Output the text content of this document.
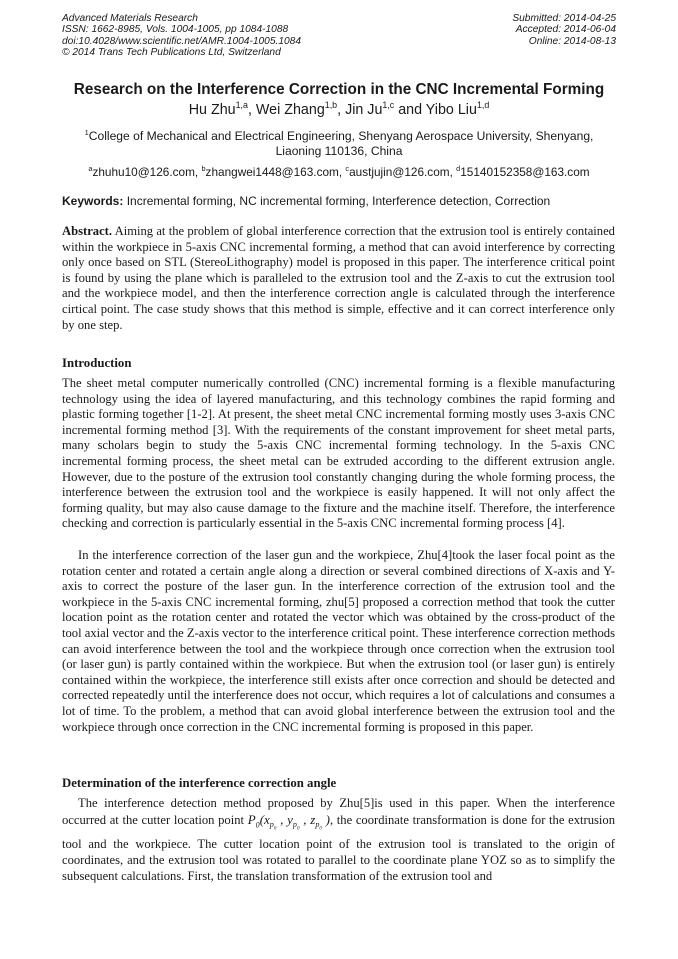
Advanced Materials Research
ISSN: 1662-8985, Vols. 1004-1005, pp 1084-1088
doi:10.4028/www.scientific.net/AMR.1004-1005.1084
© 2014 Trans Tech Publications Ltd, Switzerland
Submitted: 2014-04-25
Accepted: 2014-06-04
Online: 2014-08-13
Research on the Interference Correction in the CNC Incremental Forming
Hu Zhu$^{1,a}$, Wei Zhang$^{1,b}$, Jin Ju$^{1,c}$ and Yibo Liu$^{1,d}$
$^1$College of Mechanical and Electrical Engineering, Shenyang Aerospace University, Shenyang, Liaoning 110136, China
$^a$zhuhu10@126.com, $^b$zhangwei1448@163.com, $^c$austjujin@126.com, $^d$15140152358@163.com
Keywords: Incremental forming, NC incremental forming, Interference detection, Correction
Abstract. Aiming at the problem of global interference correction that the extrusion tool is entirely contained within the workpiece in 5-axis CNC incremental forming, a method that can avoid interference by correcting only once based on STL (StereoLithography) model is proposed in this paper. The interference critical point is found by using the plane which is paralleled to the extrusion tool and the Z-axis to cut the extrusion tool and the workpiece model, and then the interference correction angle is calculated through the interference cirtical point. The case study shows that this method is simple, effective and it can correct interference only by one step.
Introduction
The sheet metal computer numerically controlled (CNC) incremental forming is a flexible manufacturing technology using the idea of layered manufacturing, and this technology combines the rapid forming and plastic forming together [1-2]. At present, the sheet metal CNC incremental forming mostly uses 3-axis CNC incremental forming method [3]. With the requirements of the constant improvement for sheet metal parts, many scholars begin to study the 5-axis CNC incremental forming technology. In the 5-axis CNC incremental forming process, the sheet metal can be extruded according to the different extrusion angle. However, due to the posture of the extrusion tool constantly changing during the whole forming process, the interference between the extrusion tool and the workpiece is easily happened. It will not only affect the forming quality, but may also cause damage to the fixture and the machine itself. Therefore, the interference checking and correction is particularly essential in the 5-axis CNC incremental forming process [4].
In the interference correction of the laser gun and the workpiece, Zhu[4]took the laser focal point as the rotation center and rotated a certain angle along a direction or several combined directions of X-axis and Y-axis to correct the posture of the laser gun. In the interference correction of the extrusion tool and the workpiece in the 5-axis CNC incremental forming, zhu[5] proposed a correction method that took the cutter location point as the rotation center and rotated the vector which was obtained by the cross-product of the tool axial vector and the Z-axis vector to the interference critical point. These interference correction methods can avoid interference between the tool and the workpiece through once correction when the extrusion tool (or laser gun) is partly contained within the workpiece. But when the extrusion tool (or laser gun) is entirely contained within the workpiece, the interference still exists after once correction and should be detected and corrected repeatedly until the interference does not occur, which requires a lot of calculations and consumes a lot of time. To the problem, a method that can avoid global interference between the extrusion tool and the workpiece through once correction in the CNC incremental forming is proposed in this paper.
Determination of the interference correction angle
The interference detection method proposed by Zhu[5]is used in this paper. When the interference occurred at the cutter location point $P_0(x_{p_0}$ , $y_{p_0}$ , $z_{p_0}$ ), the coordinate transformation is done for the extrusion tool and the workpiece. The cutter location point of the extrusion tool is translated to the origin of coordinates, and the extrusion tool was rotated to parallel to the coordinate plane YOZ so as to simplify the subsequent calculations. First, the translation transformation of the extrusion tool and
